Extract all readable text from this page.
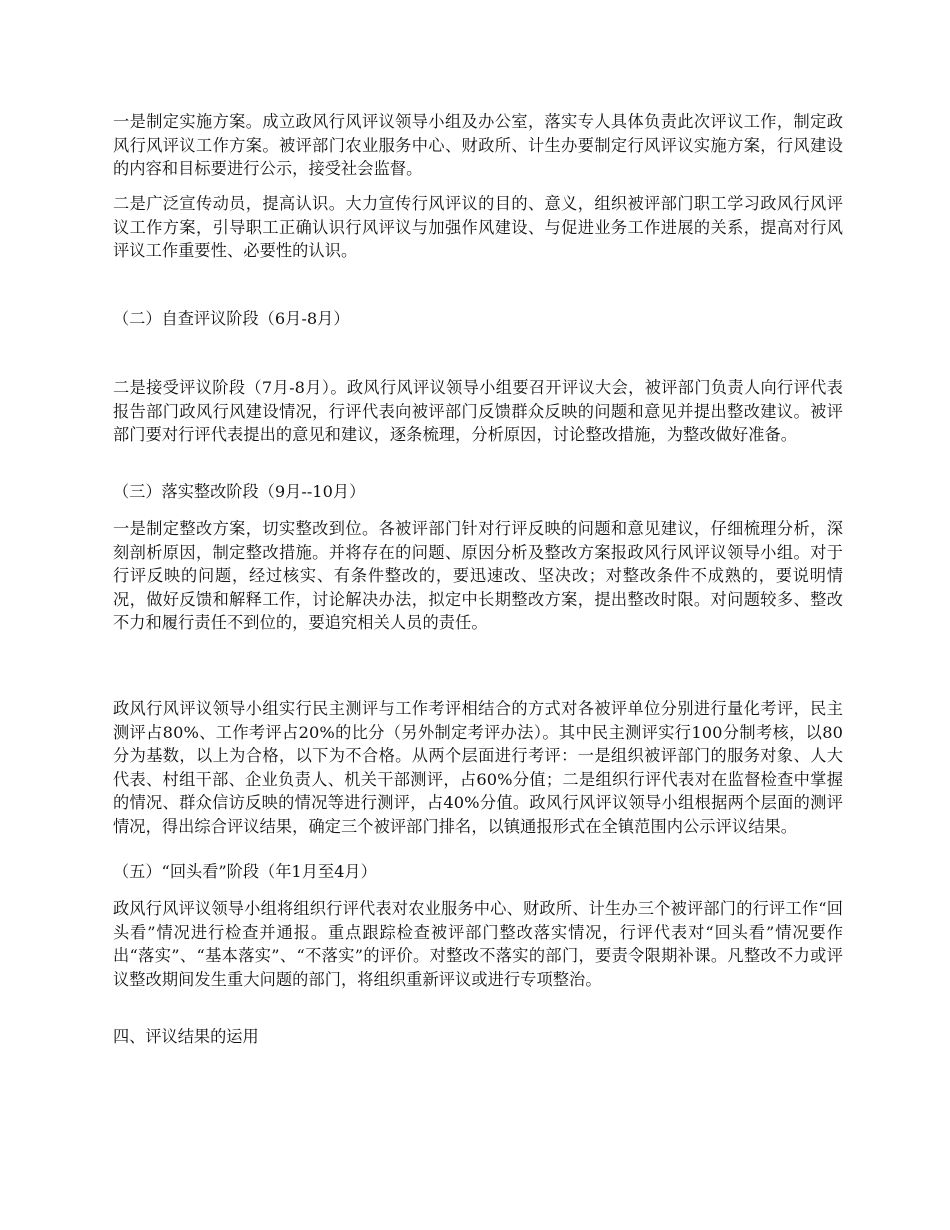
一是制定实施方案。成立政风行风评议领导小组及办公室，落实专人具体负责此次评议工作，制定政风行风评议工作方案。被评部门农业服务中心、财政所、计生办要制定行风评议实施方案，行风建设的内容和目标要进行公示，接受社会监督。

二是广泛宣传动员，提高认识。大力宣传行风评议的目的、意义，组织被评部门职工学习政风行风评议工作方案，引导职工正确认识行风评议与加强作风建设、与促进业务工作进展的关系，提高对行风评议工作重要性、必要性的认识。

（二）自查评议阶段（6月-8月）

二是接受评议阶段（7月-8月）。政风行风评议领导小组要召开评议大会，被评部门负责人向行评代表报告部门政风行风建设情况，行评代表向被评部门反馈群众反映的问题和意见并提出整改建议。被评部门要对行评代表提出的意见和建议，逐条梳理，分析原因，讨论整改措施，为整改做好准备。

（三）落实整改阶段（9月--10月）

一是制定整改方案，切实整改到位。各被评部门针对行评反映的问题和意见建议，仔细梳理分析，深刻剖析原因，制定整改措施。并将存在的问题、原因分析及整改方案报政风行风评议领导小组。对于行评反映的问题，经过核实、有条件整改的，要迅速改、坚决改；对整改条件不成熟的，要说明情况，做好反馈和解释工作，讨论解决办法，拟定中长期整改方案，提出整改时限。对问题较多、整改不力和履行责任不到位的，要追究相关人员的责任。

政风行风评议领导小组实行民主测评与工作考评相结合的方式对各被评单位分别进行量化考评，民主测评占80%、工作考评占20%的比分（另外制定考评办法）。其中民主测评实行100分制考核，以80分为基数，以上为合格，以下为不合格。从两个层面进行考评：一是组织被评部门的服务对象、人大代表、村组干部、企业负责人、机关干部测评，占60%分值；二是组织行评代表对在监督检查中掌握的情况、群众信访反映的情况等进行测评，占40%分值。政风行风评议领导小组根据两个层面的测评情况，得出综合评议结果，确定三个被评部门排名，以镇通报形式在全镇范围内公示评议结果。

（五）“回头看”阶段（年1月至4月）

政风行风评议领导小组将组织行评代表对农业服务中心、财政所、计生办三个被评部门的行评工作“回头看”情况进行检查并通报。重点跟踪检查被评部门整改落实情况，行评代表对“回头看”情况要作出“落实”、“基本落实”、“不落实”的评价。对整改不落实的部门，要责令限期补课。凡整改不力或评议整改期间发生重大问题的部门，将组织重新评议或进行专项整治。

四、评议结果的运用
